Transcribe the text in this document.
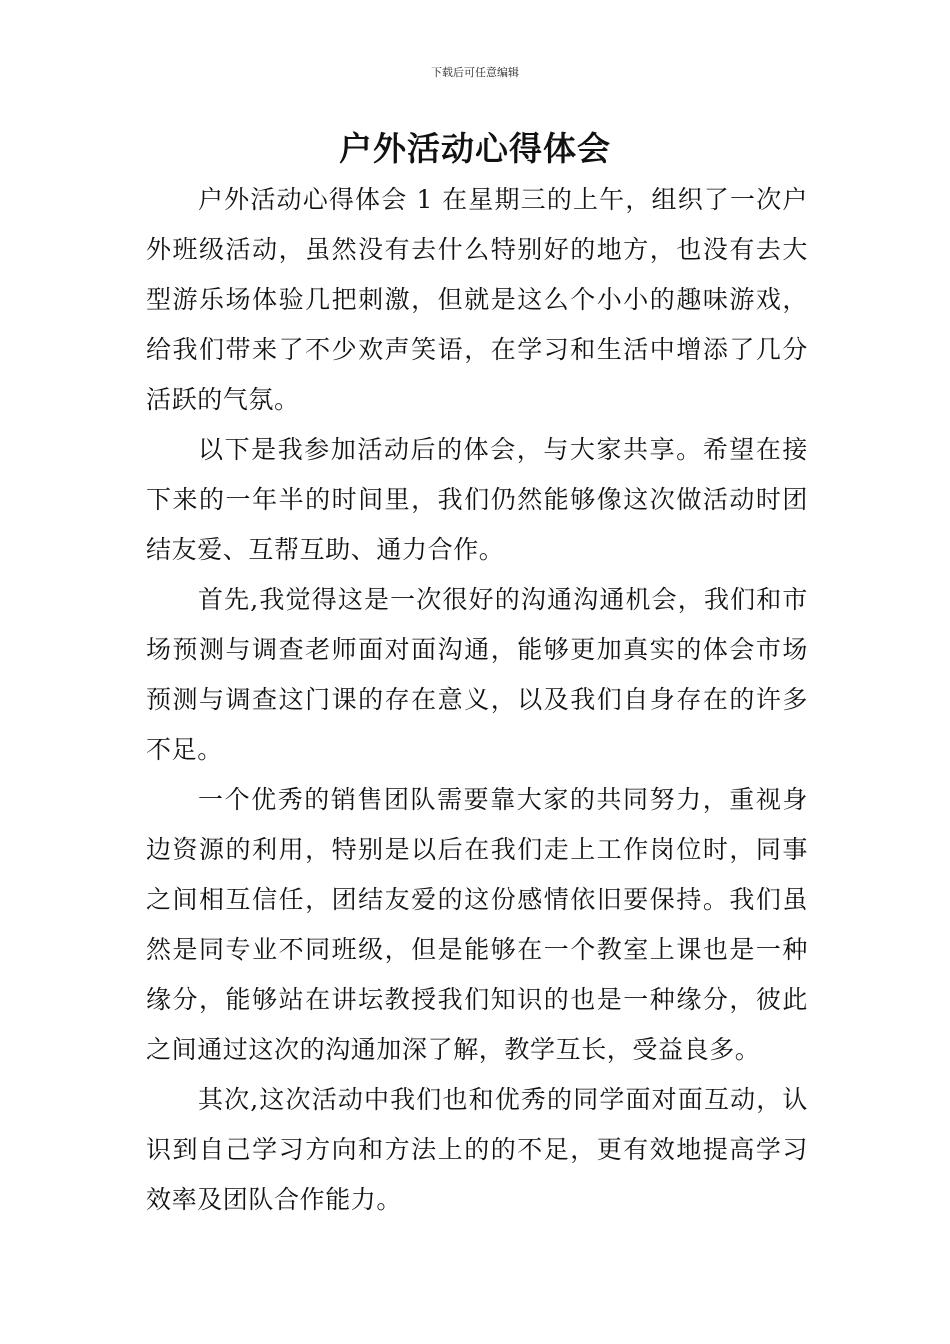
下载后可任意编辑
户外活动心得体会

户外活动心得体会 1 在星期三的上午，组织了一次户外班级活动，虽然没有去什么特别好的地方，也没有去大型游乐场体验几把刺激，但就是这么个小小的趣味游戏，给我们带来了不少欢声笑语，在学习和生活中增添了几分活跃的气氛。

以下是我参加活动后的体会，与大家共享。希望在接下来的一年半的时间里，我们仍然能够像这次做活动时团结友爱、互帮互助、通力合作。

首先,我觉得这是一次很好的沟通沟通机会，我们和市场预测与调查老师面对面沟通，能够更加真实的体会市场预测与调查这门课的存在意义，以及我们自身存在的许多不足。

一个优秀的销售团队需要靠大家的共同努力，重视身边资源的利用，特别是以后在我们走上工作岗位时，同事之间相互信任，团结友爱的这份感情依旧要保持。我们虽然是同专业不同班级，但是能够在一个教室上课也是一种缘分，能够站在讲坛教授我们知识的也是一种缘分，彼此之间通过这次的沟通加深了解，教学互长，受益良多。

其次,这次活动中我们也和优秀的同学面对面互动，认识到自己学习方向和方法上的的不足，更有效地提高学习效率及团队合作能力。
